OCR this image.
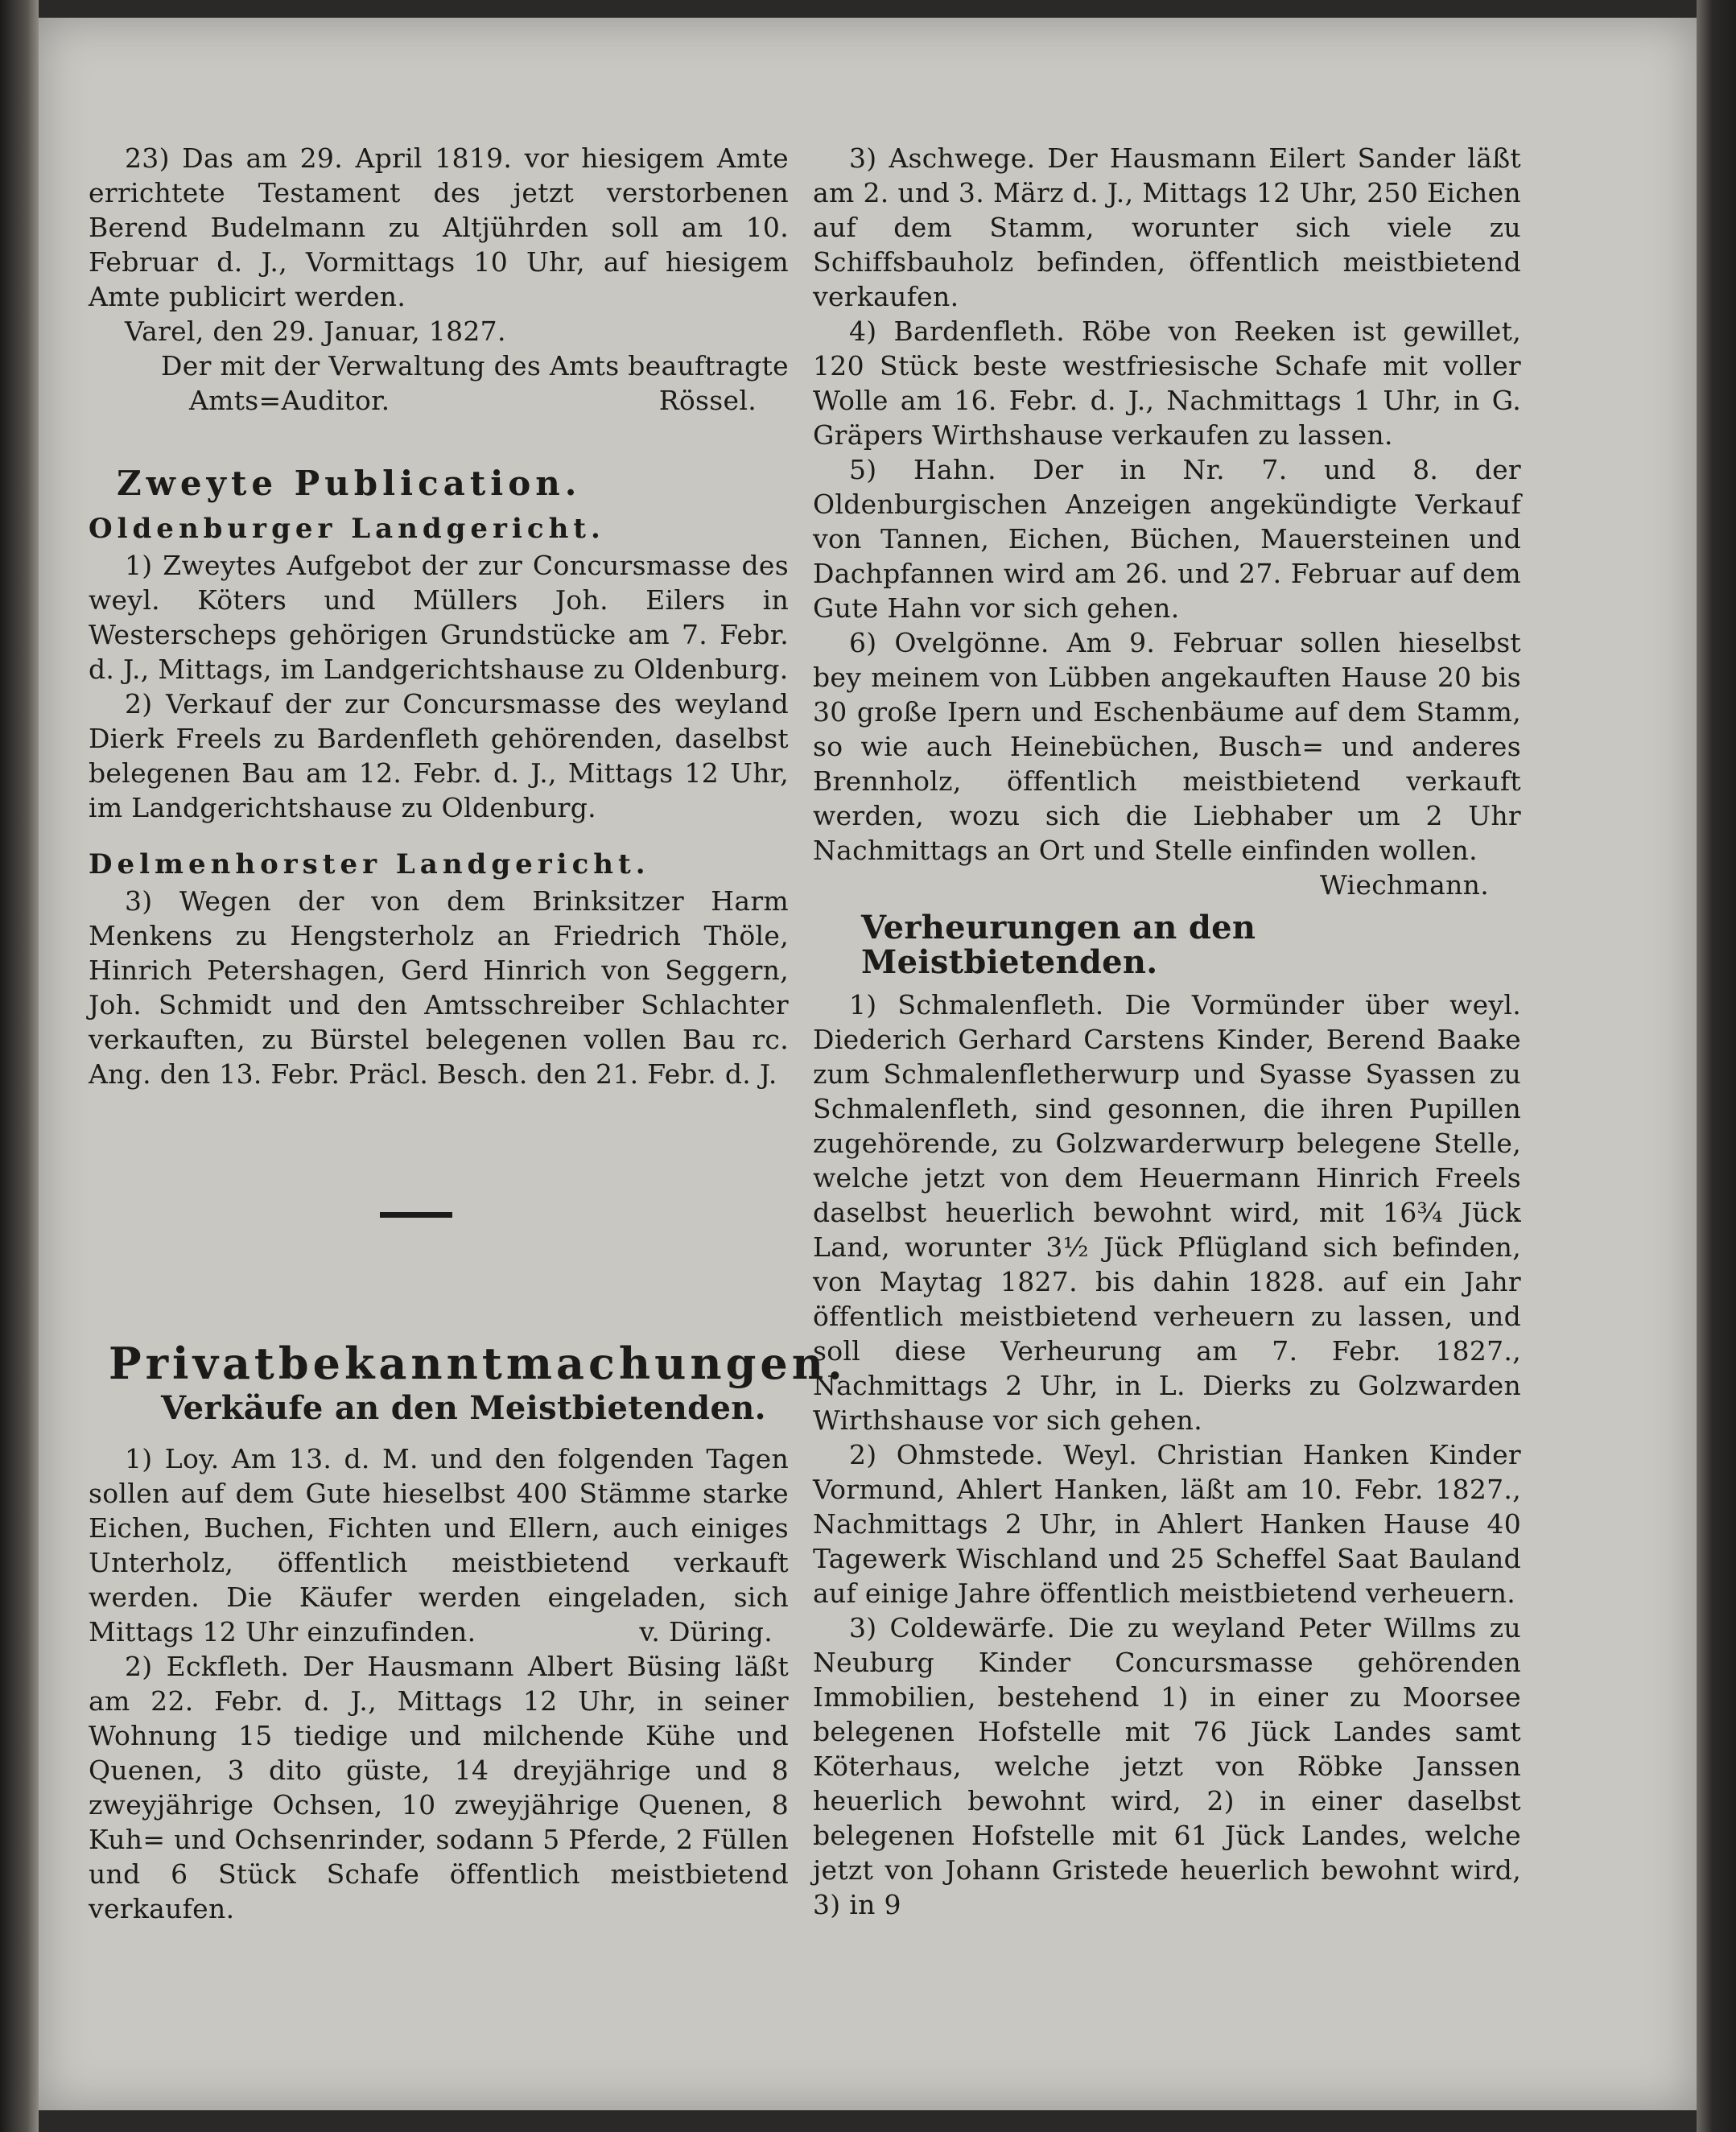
23) Das am 29. April 1819. vor hiesigem Amte errichtete Testament des jetzt verstorbenen Berend Budelmann zu Altjührden soll am 10. Februar d. J., Vormittags 10 Uhr, auf hiesigem Amte publicirt werden.

Varel, den 29. Januar, 1827.

Der mit der Verwaltung des Amts beauftragte

Amts=Auditor.	Rössel.

Zweyte Publication.

Oldenburger Landgericht.

1) Zweytes Aufgebot der zur Concursmasse des weyl. Köters und Müllers Joh. Eilers in Westerscheps gehörigen Grundstücke am 7. Febr. d. J., Mittags, im Landgerichtshause zu Oldenburg.

2) Verkauf der zur Concursmasse des weyland Dierk Freels zu Bardenfleth gehörenden, daselbst belegenen Bau am 12. Febr. d. J., Mittags 12 Uhr, im Landgerichtshause zu Oldenburg.

Delmenhorster Landgericht.

3) Wegen der von dem Brinksitzer Harm Menkens zu Hengsterholz an Friedrich Thöle, Hinrich Petershagen, Gerd Hinrich von Seggern, Joh. Schmidt und den Amtsschreiber Schlachter verkauften, zu Bürstel belegenen vollen Bau rc. Ang. den 13. Febr. Präcl. Besch. den 21. Febr. d. J.

Privatbekanntmachungen.

Verkäufe an den Meistbietenden.

1) Loy. Am 13. d. M. und den folgenden Tagen sollen auf dem Gute hieselbst 400 Stämme starke Eichen, Buchen, Fichten und Ellern, auch einiges Unterholz, öffentlich meistbietend verkauft werden. Die Käufer werden eingeladen, sich Mittags 12 Uhr einzufinden.	v. Düring.

2) Eckfleth. Der Hausmann Albert Büsing läßt am 22. Febr. d. J., Mittags 12 Uhr, in seiner Wohnung 15 tiedige und milchende Kühe und Quenen, 3 dito güste, 14 dreyjährige und 8 zweyjährige Ochsen, 10 zweyjährige Quenen, 8 Kuh= und Ochsenrinder, sodann 5 Pferde, 2 Füllen und 6 Stück Schafe öffentlich meistbietend verkaufen.

3) Aschwege. Der Hausmann Eilert Sander läßt am 2. und 3. März d. J., Mittags 12 Uhr, 250 Eichen auf dem Stamm, worunter sich viele zu Schiffsbauholz befinden, öffentlich meistbietend verkaufen.

4) Bardenfleth. Röbe von Reeken ist gewillet, 120 Stück beste westfriesische Schafe mit voller Wolle am 16. Febr. d. J., Nachmittags 1 Uhr, in G. Gräpers Wirthshause verkaufen zu lassen.

5) Hahn. Der in Nr. 7. und 8. der Oldenburgischen Anzeigen angekündigte Verkauf von Tannen, Eichen, Büchen, Mauersteinen und Dachpfannen wird am 26. und 27. Februar auf dem Gute Hahn vor sich gehen.

6) Ovelgönne. Am 9. Februar sollen hieselbst bey meinem von Lübben angekauften Hause 20 bis 30 große Ipern und Eschenbäume auf dem Stamm, so wie auch Heinebüchen, Busch= und anderes Brennholz, öffentlich meistbietend verkauft werden, wozu sich die Liebhaber um 2 Uhr Nachmittags an Ort und Stelle einfinden wollen.

Wiechmann.

Verheurungen an den Meistbietenden.

1) Schmalenfleth. Die Vormünder über weyl. Diederich Gerhard Carstens Kinder, Berend Baake zum Schmalenfletherwurp und Syasse Syassen zu Schmalenfleth, sind gesonnen, die ihren Pupillen zugehörende, zu Golzwarderwurp belegene Stelle, welche jetzt von dem Heuermann Hinrich Freels daselbst heuerlich bewohnt wird, mit 16¾ Jück Land, worunter 3½ Jück Pflügland sich befinden, von Maytag 1827. bis dahin 1828. auf ein Jahr öffentlich meistbietend verheuern zu lassen, und soll diese Verheurung am 7. Febr. 1827., Nachmittags 2 Uhr, in L. Dierks zu Golzwarden Wirthshause vor sich gehen.

2) Ohmstede. Weyl. Christian Hanken Kinder Vormund, Ahlert Hanken, läßt am 10. Febr. 1827., Nachmittags 2 Uhr, in Ahlert Hanken Hause 40 Tagewerk Wischland und 25 Scheffel Saat Bauland auf einige Jahre öffentlich meistbietend verheuern.

3) Coldewärfe. Die zu weyland Peter Willms zu Neuburg Kinder Concursmasse gehörenden Immobilien, bestehend 1) in einer zu Moorsee belegenen Hofstelle mit 76 Jück Landes samt Köterhaus, welche jetzt von Röbke Janssen heuerlich bewohnt wird, 2) in einer daselbst belegenen Hofstelle mit 61 Jück Landes, welche jetzt von Johann Gristede heuerlich bewohnt wird, 3) in 9
